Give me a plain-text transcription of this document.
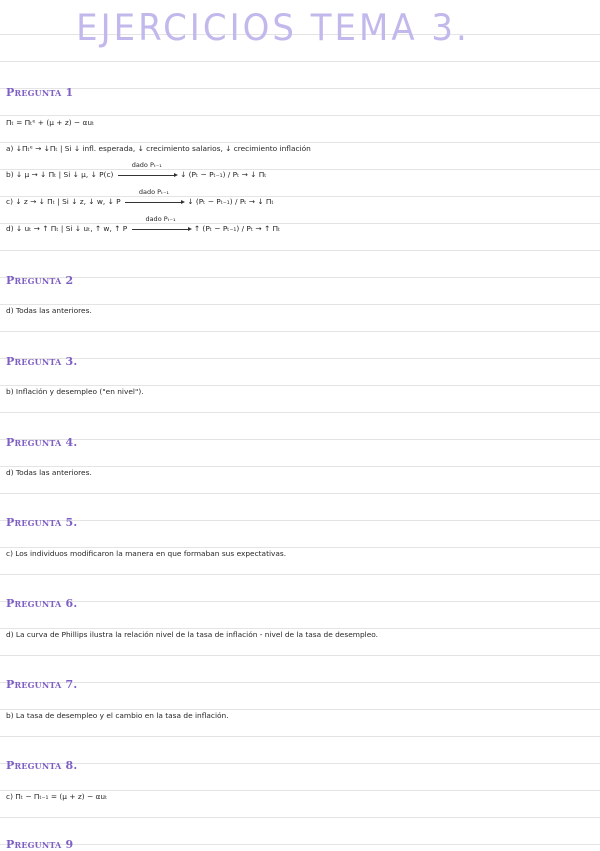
EJERCICIOS TEMA 3.
Pregunta 1

Πₜ = Πₜᵉ + (μ + z) − αuₜ

a) ↓Πₜᵉ → ↓Πₜ | Si ↓ infl. esperada, ↓ crecimiento salarios, ↓ crecimiento inflación

b) ↓ μ → ↓ Πₜ | Si ↓ μ, ↓ P(c)
dado Pₜ₋₁
↓ (Pₜ − Pₜ₋₁) / Pₜ → ↓ Πₜ

c) ↓ z → ↓ Πₜ | Si ↓ z, ↓ w, ↓ P
dado Pₜ₋₁
↓ (Pₜ − Pₜ₋₁) / Pₜ → ↓ Πₜ

d) ↓ uₜ → ↑ Πₜ | Si ↓ uₜ, ↑ w, ↑ P
dado Pₜ₋₁
↑ (Pₜ − Pₜ₋₁) / Pₜ → ↑ Πₜ

Pregunta 2

d) Todas las anteriores.

Pregunta 3.

b) Inflación y desempleo ("en nivel").

Pregunta 4.

d) Todas las anteriores.

Pregunta 5.

c) Los individuos modificaron la manera en que formaban sus expectativas.

Pregunta 6.

d) La curva de Phillips ilustra la relación nivel de la tasa de inflación - nivel de la tasa de desempleo.

Pregunta 7.

b) La tasa de desempleo y el cambio en la tasa de inflación.

Pregunta 8.

c) Πₜ − Πₜ₋₁ = (μ + z) − αuₜ

Pregunta 9
